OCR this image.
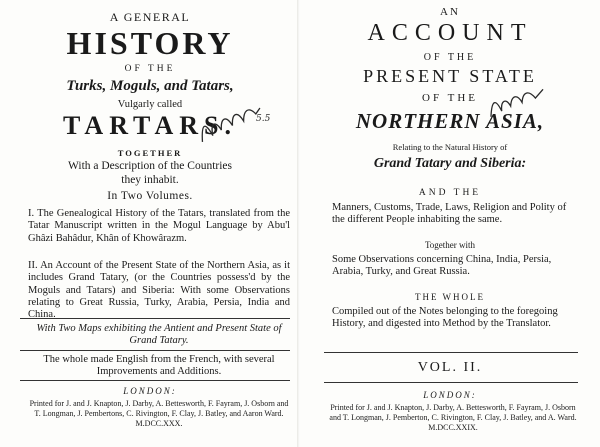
A GENERAL
HISTORY
OF THE
Turks, Moguls, and Tatars,
Vulgarly called
TARTARS.
TOGETHER
With a Description of the Countries
they inhabit.
In Two Volumes.
I. The Genealogical History of the Tatars, translated from the Tatar Manuscript written in the Mogul Language by Abu'l Ghâzi Bahâdur, Khân of Khowârazm.
II. An Account of the Present State of the Northern Asia, as it includes Grand Tatary, (or the Countries possess'd by the Moguls and Tatars) and Siberia: With some Observations relating to Great Russia, Turky, Arabia, Persia, India and China.
With Two Maps exhibiting the Antient and Present State of Grand Tatary.
The whole made English from the French, with several Improvements and Additions.
LONDON:
Printed for J. and J. Knapton, J. Darby, A. Bettesworth, F. Fayram, J. Osborn and T. Longman, J. Pembertons, C. Rivington, F. Clay, J. Batley, and Aaron Ward. M.DCC.XXX.
5.5
AN
ACCOUNT
OF THE
PRESENT STATE
OF THE
NORTHERN ASIA,
Relating to the Natural History of
Grand Tatary and Siberia:
AND THE
Manners, Customs, Trade, Laws, Religion and Polity of the different People inhabiting the same.
Together with
Some Observations concerning China, India, Persia, Arabia, Turky, and Great Russia.
THE WHOLE
Compiled out of the Notes belonging to the foregoing History, and digested into Method by the Translator.
VOL. II.
LONDON:
Printed for J. and J. Knapton, J. Darby, A. Bettesworth, F. Fayram, J. Osborn and T. Longman, J. Pemberton, C. Rivington, F. Clay, J. Batley, and A. Ward. M.DCC.XXIX.
